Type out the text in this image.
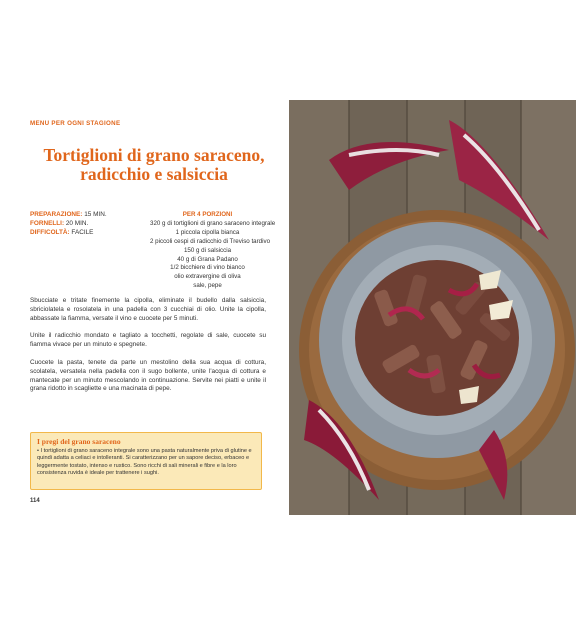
MENU PER OGNI STAGIONE
Tortiglioni di grano saraceno,
radicchio e salsiccia
PREPARAZIONE: 15 MIN.
FORNELLI: 20 MIN.
DIFFICOLTÀ: FACILE
PER 4 PORZIONI
320 g di tortiglioni di grano saraceno integrale
1 piccola cipolla bianca
2 piccoli cespi di radicchio di Treviso tardivo
150 g di salsiccia
40 g di Grana Padano
1/2 bicchiere di vino bianco
olio extravergine di oliva
sale, pepe

Sbucciate e tritate finemente la cipolla, eliminate il budello dalla salsiccia, sbriciolatela e rosolatela in una padella con 3 cucchiai di olio. Unite la cipolla, abbassate la fiamma, versate il vino e cuocete per 5 minuti.

Unite il radicchio mondato e tagliato a tocchetti, regolate di sale, cuocete su fiamma vivace per un minuto e spegnete.

Cuocete la pasta, tenete da parte un mestolino della sua acqua di cottura, scolatela, versatela nella padella con il sugo bollente, unite l'acqua di cottura e mantecate per un minuto mescolando in continuazione. Servite nei piatti e unite il grana ridotto in scagliette e una macinata di pepe.

I pregi del grano saraceno
• I tortiglioni di grano saraceno integrale sono una pasta naturalmente priva di glutine e quindi adatta a celiaci e intolleranti. Si caratterizzano per un sapore deciso, erbaceo e leggermente tostato, intenso e rustico. Sono ricchi di sali minerali e fibre e la loro consistenza ruvida è ideale per trattenere i sughi.
114
